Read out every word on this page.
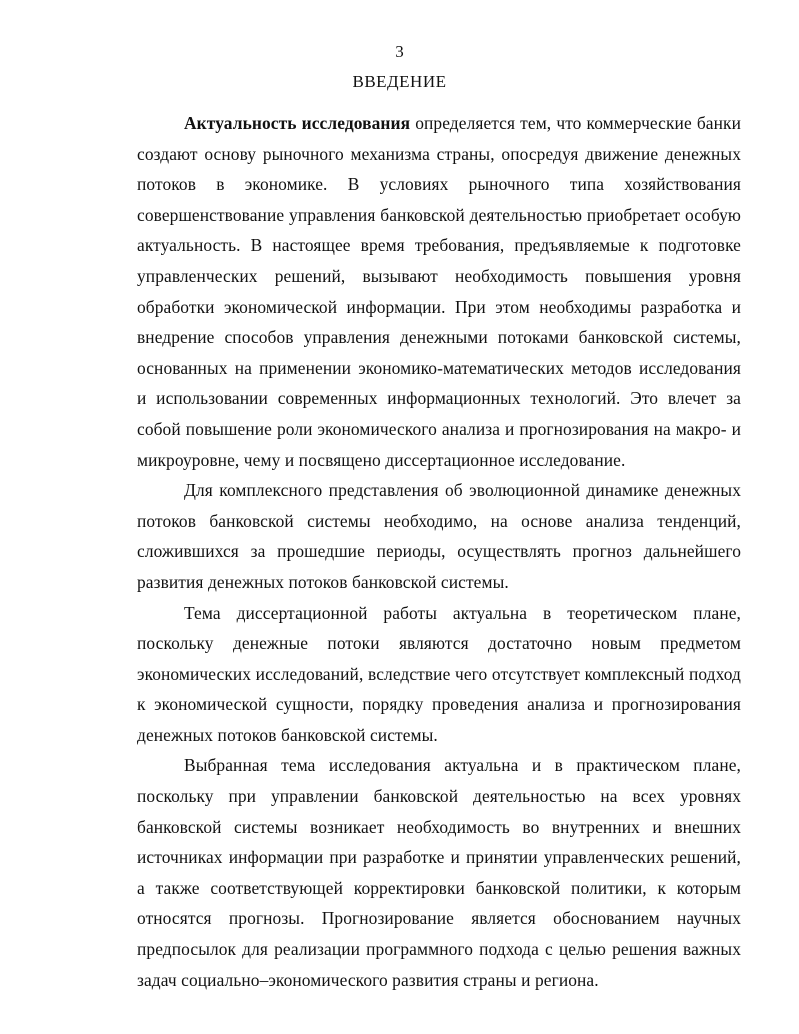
3
ВВЕДЕНИЕ

Актуальность исследования определяется тем, что коммерческие банки создают основу рыночного механизма страны, опосредуя движение денежных потоков в экономике. В условиях рыночного типа хозяйствования совершенствование управления банковской деятельностью приобретает особую актуальность. В настоящее время требования, предъявляемые к подготовке управленческих решений, вызывают необходимость повышения уровня обработки экономической информации. При этом необходимы разработка и внедрение способов управления денежными потоками банковской системы, основанных на применении экономико-математических методов исследования и использовании современных информационных технологий. Это влечет за собой повышение роли экономического анализа и прогнозирования на макро- и микроуровне, чему и посвящено диссертационное исследование.

Для комплексного представления об эволюционной динамике денежных потоков банковской системы необходимо, на основе анализа тенденций, сложившихся за прошедшие периоды, осуществлять прогноз дальнейшего развития денежных потоков банковской системы.

Тема диссертационной работы актуальна в теоретическом плане, поскольку денежные потоки являются достаточно новым предметом экономических исследований, вследствие чего отсутствует комплексный подход к экономической сущности, порядку проведения анализа и прогнозирования денежных потоков банковской системы.

Выбранная тема исследования актуальна и в практическом плане, поскольку при управлении банковской деятельностью на всех уровнях банковской системы возникает необходимость во внутренних и внешних источниках информации при разработке и принятии управленческих решений, а также соответствующей корректировки банковской политики, к которым относятся прогнозы. Прогнозирование является обоснованием научных предпосылок для реализации программного подхода с целью решения важных задач социально–экономического развития страны и региона.
